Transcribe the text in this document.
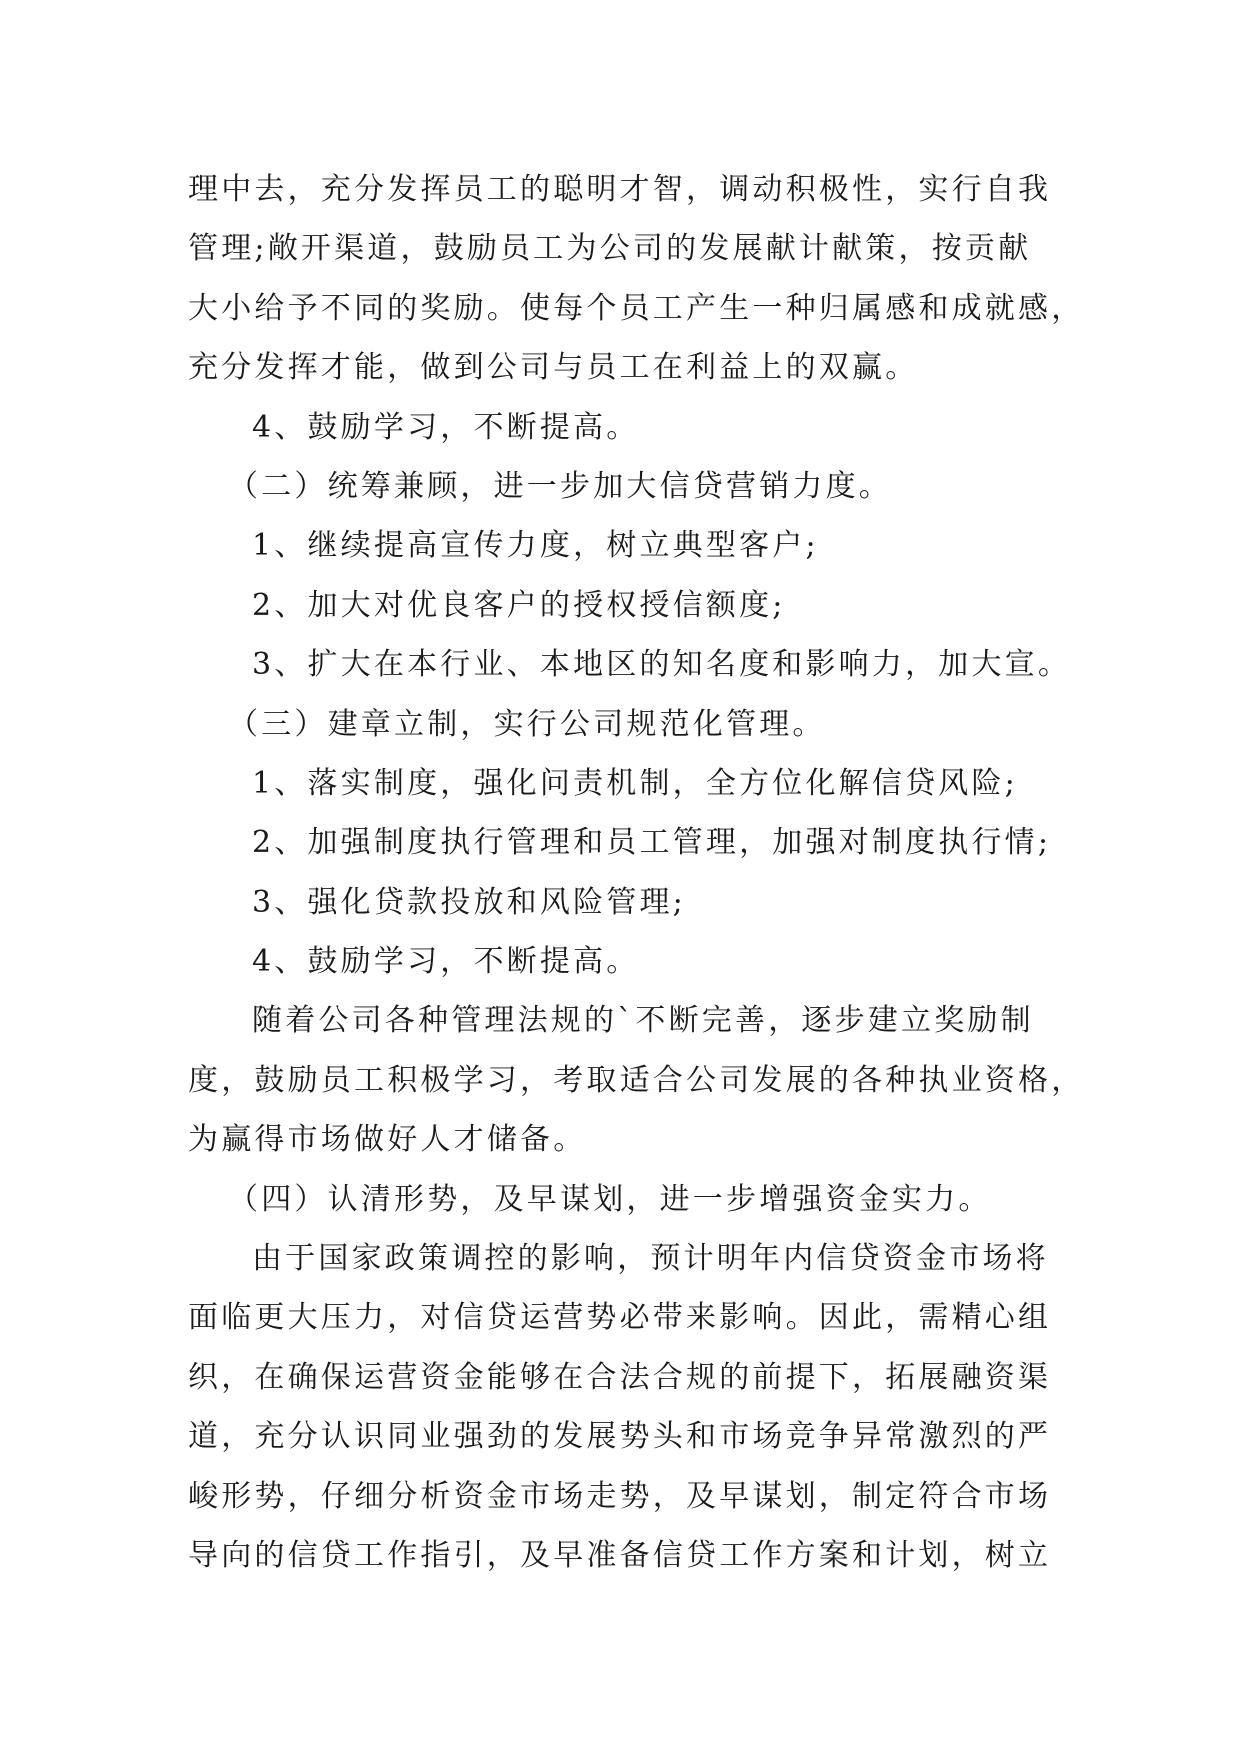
理中去，充分发挥员工的聪明才智，调动积极性，实行自我
管理;敞开渠道，鼓励员工为公司的发展献计献策，按贡献
大小给予不同的奖励。使每个员工产生一种归属感和成就感，
充分发挥才能，做到公司与员工在利益上的双赢。
4、鼓励学习，不断提高。
（二）统筹兼顾，进一步加大信贷营销力度。
1、继续提高宣传力度，树立典型客户;
2、加大对优良客户的授权授信额度;
3、扩大在本行业、本地区的知名度和影响力，加大宣。
（三）建章立制，实行公司规范化管理。
1、落实制度，强化问责机制，全方位化解信贷风险;
2、加强制度执行管理和员工管理，加强对制度执行情;
3、强化贷款投放和风险管理;
4、鼓励学习，不断提高。
随着公司各种管理法规的`不断完善，逐步建立奖励制
度，鼓励员工积极学习，考取适合公司发展的各种执业资格，
为赢得市场做好人才储备。
（四）认清形势，及早谋划，进一步增强资金实力。
由于国家政策调控的影响，预计明年内信贷资金市场将
面临更大压力，对信贷运营势必带来影响。因此，需精心组
织，在确保运营资金能够在合法合规的前提下，拓展融资渠
道，充分认识同业强劲的发展势头和市场竞争异常激烈的严
峻形势，仔细分析资金市场走势，及早谋划，制定符合市场
导向的信贷工作指引，及早准备信贷工作方案和计划，树立
